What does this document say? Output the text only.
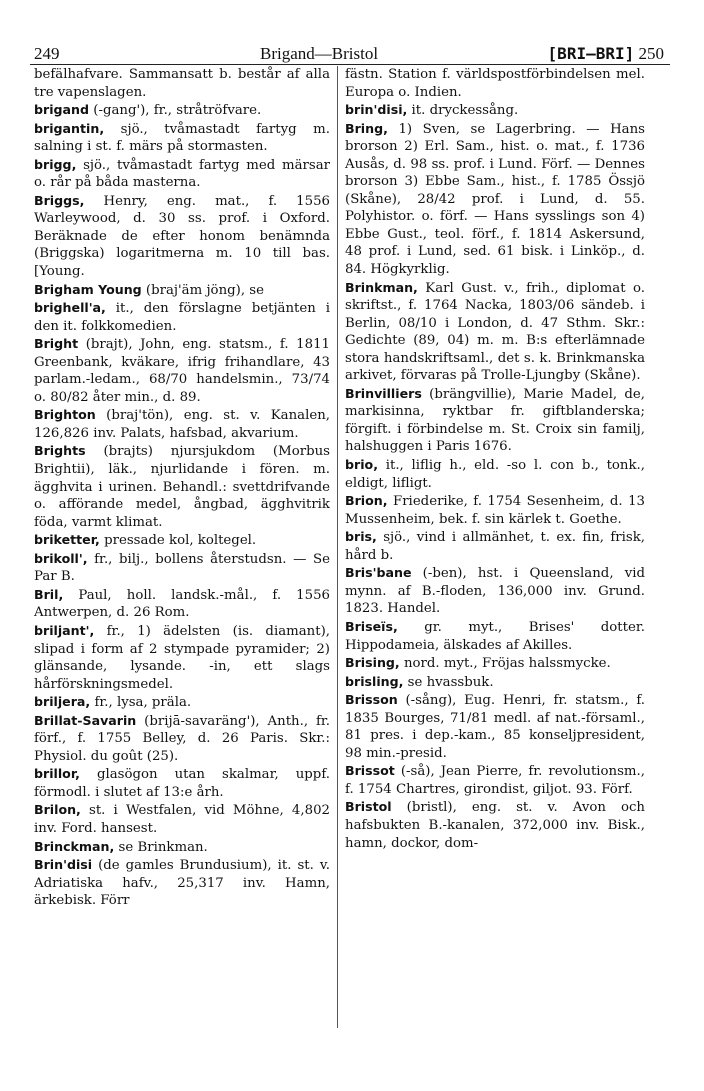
249	Brigand—Bristol	[BRI—BRI] 250
befälhafvare. Sammansatt b. består af alla tre vapenslagen.
brigand (-gang'), fr., stråtröfvare.
brigantin, sjö., tvåmastadt fartyg m. salning i st. f. märs på stormasten.
brigg, sjö., tvåmastadt fartyg med märsar o. rår på båda masterna.
Briggs, Henry, eng. mat., f. 1556 Warleywood, d. 30 ss. prof. i Oxford. Beräknade de efter honom benämnda (Briggska) logaritmerna m. 10 till bas. [Young.
Brigham Young (braj'äm jöng), se
brighell'a, it., den förslagne betjänten i den it. folkkomedien.
Bright (brajt), John, eng. statsm., f. 1811 Greenbank, kväkare, ifrig frihandlare, 43 parlam.-ledam., 68/70 handelsmin., 73/74 o. 80/82 åter min., d. 89.
Brighton (braj'tön), eng. st. v. Kanalen, 126,826 inv. Palats, hafsbad, akvarium.
Brights (brajts) njursjukdom (Morbus Brightii), läk., njurlidande i fören. m. ägghvita i urinen. Behandl.: svettdrifvande o. afförande medel, ångbad, ägghvitrik föda, varmt klimat.
briketter, pressade kol, koltegel.
brikoll', fr., bilj., bollens återstudsn. — Se Par B.
Bril, Paul, holl. landsk.-mål., f. 1556 Antwerpen, d. 26 Rom.
briljant', fr., 1) ädelsten (is. diamant), slipad i form af 2 stympade pyramider; 2) glänsande, lysande. -in, ett slags hårförskningsmedel.
briljera, fr., lysa, präla.
Brillat-Savarin (brijā-savaräng'), Anth., fr. förf., f. 1755 Belley, d. 26 Paris. Skr.: Physiol. du goût (25).
brillor, glasögon utan skalmar, uppf. förmodl. i slutet af 13:e årh.
Brilon, st. i Westfalen, vid Möhne, 4,802 inv. Ford. hansest.
Brinckman, se Brinkman.
Brin'disi (de gamles Brundusium), it. st. v. Adriatiska hafv., 25,317 inv. Hamn, ärkebisk. Förr
fästn. Station f. världspostförbindelsen mel. Europa o. Indien.
brin'disi, it. dryckessång.
Bring, 1) Sven, se Lagerbring. — Hans brorson 2) Erl. Sam., hist. o. mat., f. 1736 Ausås, d. 98 ss. prof. i Lund. Förf. — Dennes brorson 3) Ebbe Sam., hist., f. 1785 Össjö (Skåne), 28/42 prof. i Lund, d. 55. Polyhistor. o. förf. — Hans sysslings son 4) Ebbe Gust., teol. förf., f. 1814 Askersund, 48 prof. i Lund, sed. 61 bisk. i Linköp., d. 84. Högkyrklig.
Brinkman, Karl Gust. v., frih., diplomat o. skriftst., f. 1764 Nacka, 1803/06 sändeb. i Berlin, 08/10 i London, d. 47 Sthm. Skr.: Gedichte (89, 04) m. m. B:s efterlämnade stora handskriftsaml., det s. k. Brinkmanska arkivet, förvaras på Trolle-Ljungby (Skåne).
Brinvilliers (brängvillie), Marie Madel, de, markisinna, ryktbar fr. giftblanderska; förgift. i förbindelse m. St. Croix sin familj, halshuggen i Paris 1676.
brio, it., liflig h., eld. -so l. con b., tonk., eldigt, lifligt.
Brion, Friederike, f. 1754 Sesenheim, d. 13 Mussenheim, bek. f. sin kärlek t. Goethe.
bris, sjö., vind i allmänhet, t. ex. fin, frisk, hård b.
Bris'bane (-ben), hst. i Queensland, vid mynn. af B.-floden, 136,000 inv. Grund. 1823. Handel.
Briseïs, gr. myt., Brises' dotter. Hippodameia, älskades af Akilles.
Brising, nord. myt., Fröjas halssmycke.
brisling, se hvassbuk.
Brisson (-sång), Eug. Henri, fr. statsm., f. 1835 Bourges, 71/81 medl. af nat.-församl., 81 pres. i dep.-kam., 85 konseljpresident, 98 min.-presid.
Brissot (-så), Jean Pierre, fr. revolutionsm., f. 1754 Chartres, girondist, giljot. 93. Förf.
Bristol (bristl), eng. st. v. Avon och hafsbukten B.-kanalen, 372,000 inv. Bisk., hamn, dockor, dom-
